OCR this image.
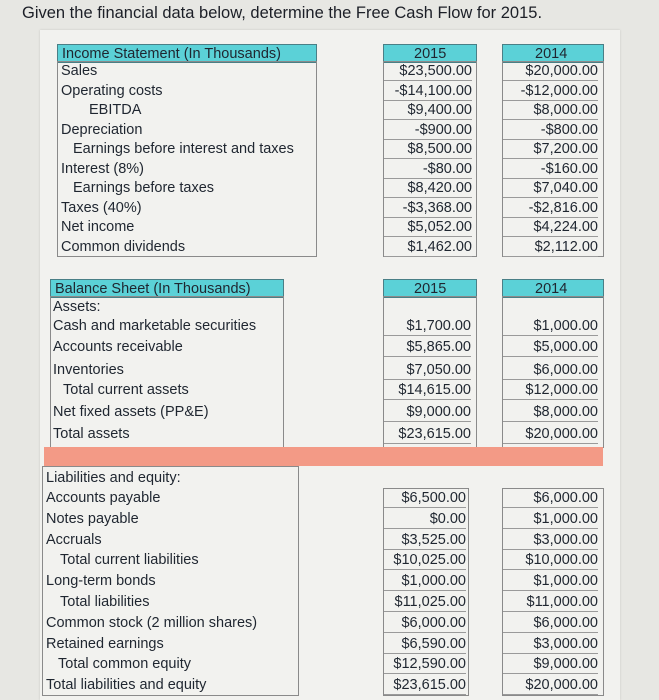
Given the financial data below, determine the Free Cash Flow for 2015.
Income Statement (In Thousands)	2015	2014
Sales	$23,500.00	$20,000.00
Operating costs	-$14,100.00	-$12,000.00
EBITDA	$9,400.00	$8,000.00
Depreciation	-$900.00	-$800.00
Earnings before interest and taxes	$8,500.00	$7,200.00
Interest (8%)	-$80.00	-$160.00
Earnings before taxes	$8,420.00	$7,040.00
Taxes (40%)	-$3,368.00	-$2,816.00
Net income	$5,052.00	$4,224.00
Common dividends	$1,462.00	$2,112.00
Balance Sheet (In Thousands)	2015	2014
Assets:
Cash and marketable securities	$1,700.00	$1,000.00
Accounts receivable	$5,865.00	$5,000.00
Inventories	$7,050.00	$6,000.00
Total current assets	$14,615.00	$12,000.00
Net fixed assets (PP&E)	$9,000.00	$8,000.00
Total assets	$23,615.00	$20,000.00
Liabilities and equity:
Accounts payable	$6,500.00	$6,000.00
Notes payable	$0.00	$1,000.00
Accruals	$3,525.00	$3,000.00
Total current liabilities	$10,025.00	$10,000.00
Long-term bonds	$1,000.00	$1,000.00
Total liabilities	$11,025.00	$11,000.00
Common stock (2 million shares)	$6,000.00	$6,000.00
Retained earnings	$6,590.00	$3,000.00
Total common equity	$12,590.00	$9,000.00
Total liabilities and equity	$23,615.00	$20,000.00
